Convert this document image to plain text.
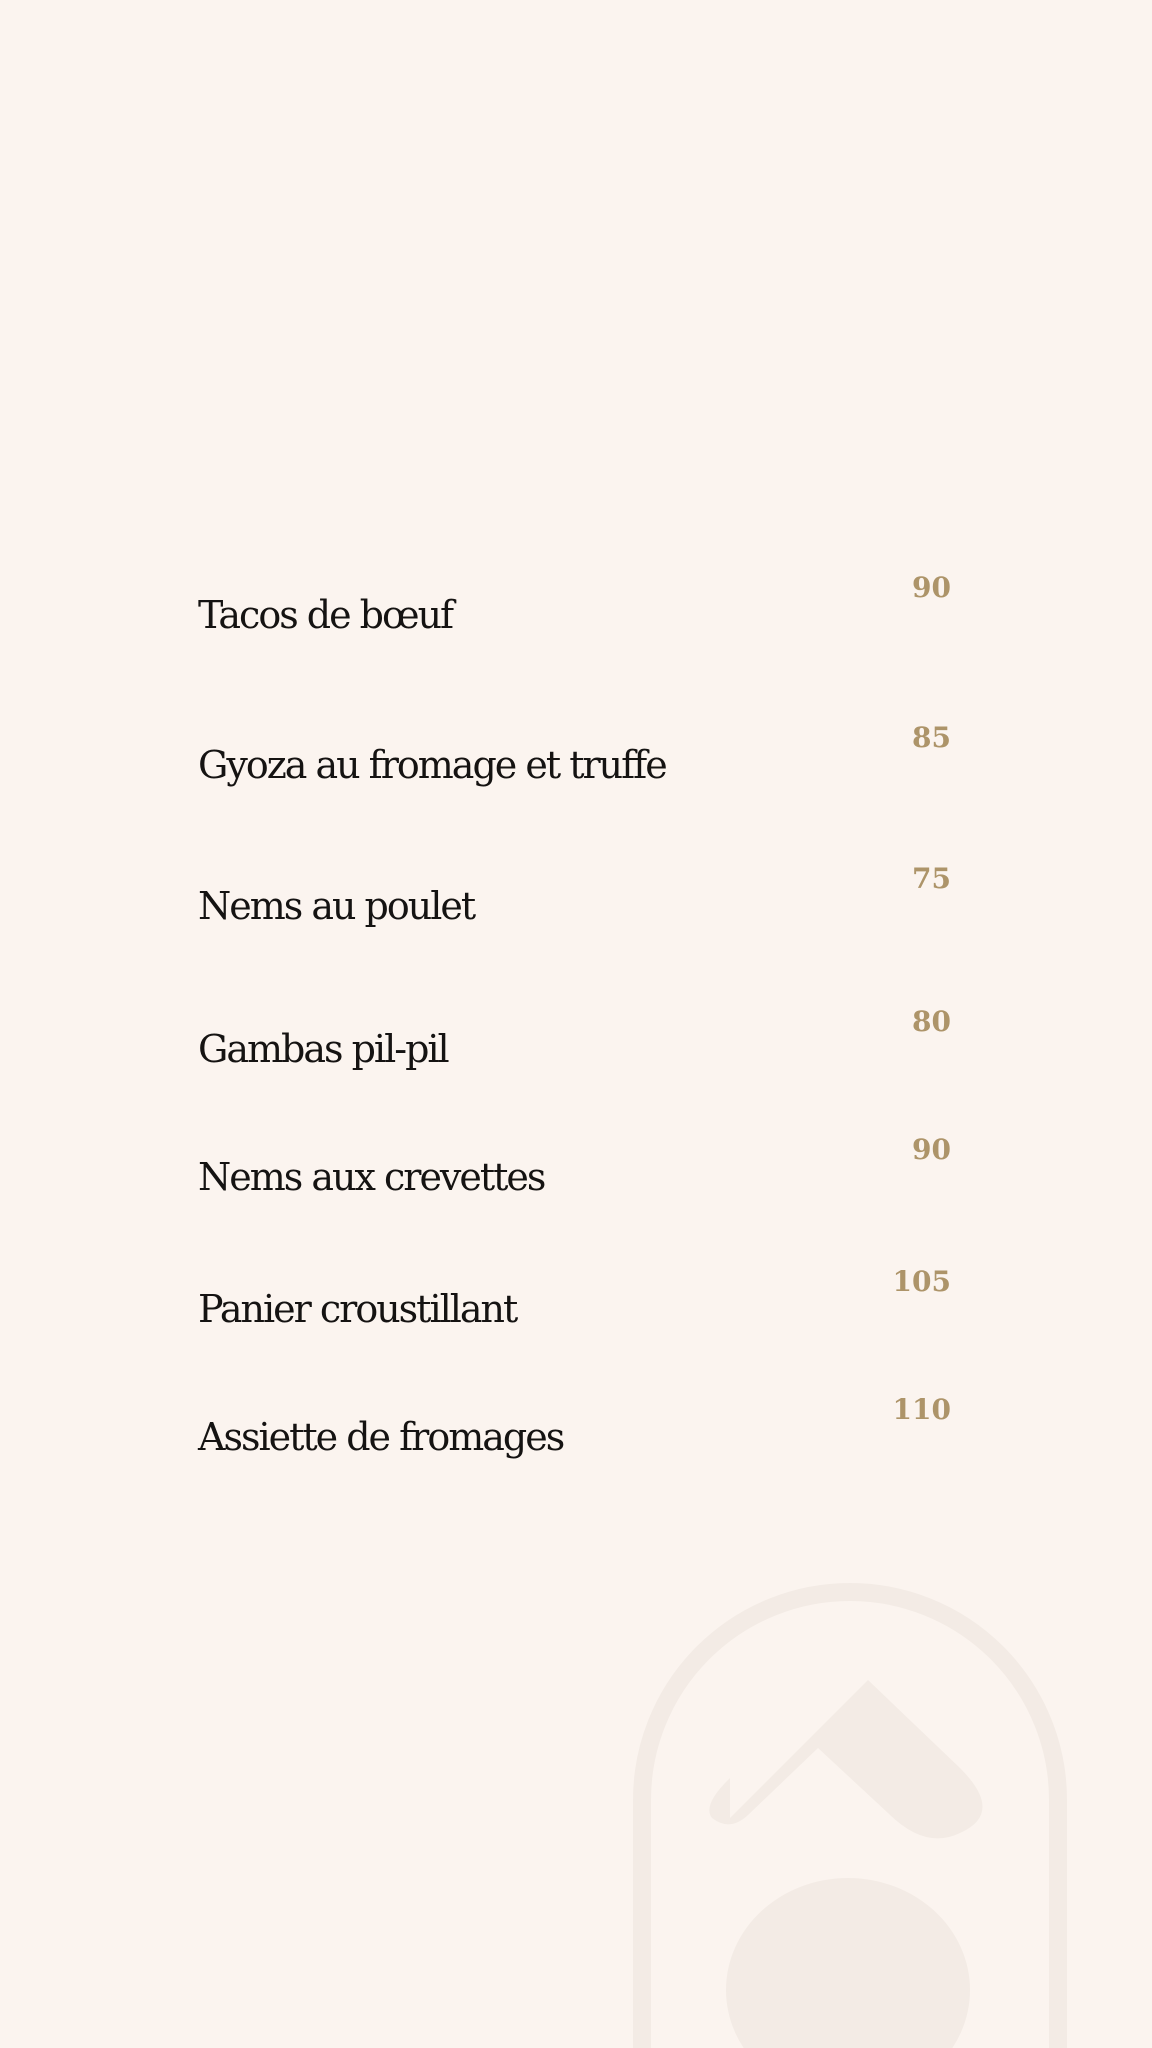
Tacos de bœuf
90
Gyoza au fromage et truffe
85
Nems au poulet
75
Gambas pil-pil
80
Nems aux crevettes
90
Panier croustillant
105
Assiette de fromages
110
